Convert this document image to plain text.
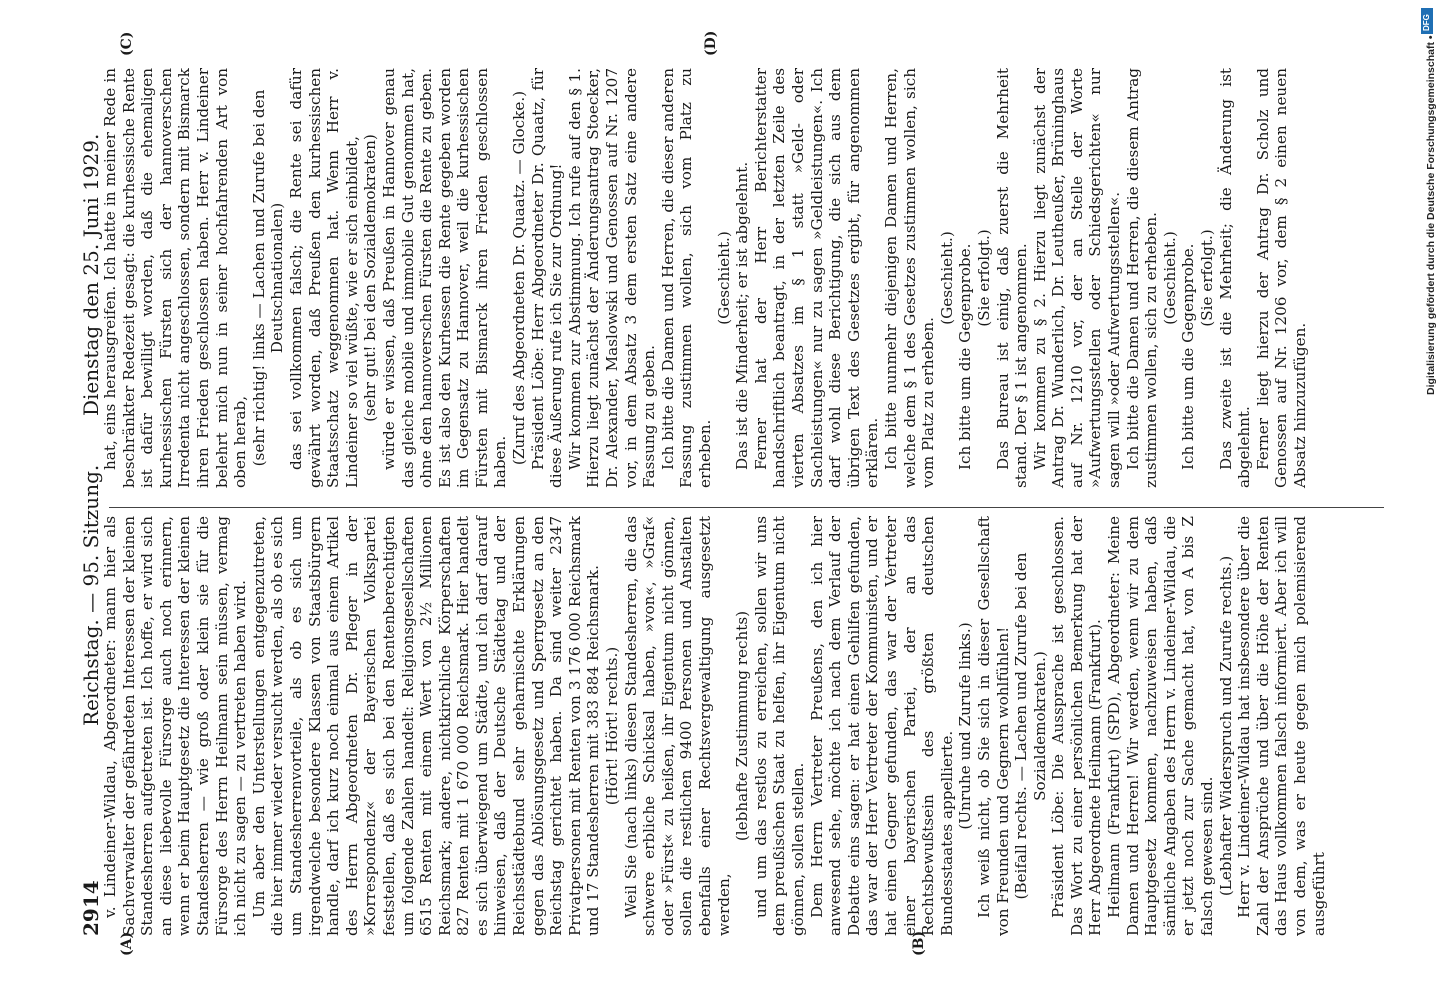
2914
Reichstag. — 95. Sitzung.
Dienstag den 25. Juni 1929.
(A)	(B)
(C)	(D)

v. Lindeiner-Wildau, Abgeordneter: mann hier als Sachverwalter der gefährdeten Interessen der kleinen Standesherren aufgetreten ist. Ich hoffe, er wird sich an diese liebevolle Fürsorge auch noch erinnern, wenn er beim Hauptgesetz die Interessen der kleinen Standesherren — wie groß oder klein sie für die Fürsorge des Herrn Heilmann sein müssen, vermag ich nicht zu sagen — zu vertreten haben wird. Um aber den Unterstellungen entgegenzutreten, die hier immer wieder versucht werden, als ob es sich um Standesherrenvorteile, als ob es sich um irgendwelche besondere Klassen von Staatsbürgern handle, darf ich kurz noch einmal aus einem Artikel des Herrn Abgeordneten Dr. Pfleger in der »Korrespondenz« der Bayerischen Volkspartei feststellen, daß es sich bei den Rentenberechtigten um folgende Zahlen handelt: Religionsgesellschaften 6515 Renten mit einem Wert von 2½ Millionen Reichsmark; andere, nichtkirchliche Körperschaften 827 Renten mit 1 670 000 Reichsmark. Hier handelt es sich überwiegend um Städte, und ich darf darauf hinweisen, daß der Deutsche Städtetag und der Reichsstädtebund sehr geharnischte Erklärungen gegen das Ablösungsgesetz und Sperrgesetz an den Reichstag gerichtet haben. Da sind weiter 2347 Privatpersonen mit Renten von 3 176 000 Reichsmark und 17 Standesherren mit 383 884 Reichsmark. (Hört! Hört! rechts.) Weil Sie (nach links) diesen Standesherren, die das schwere erbliche Schicksal haben, »von«, »Graf« oder »Fürst« zu heißen, ihr Eigentum nicht gönnen, sollen die restlichen 9400 Personen und Anstalten ebenfalls einer Rechtsvergewaltigung ausgesetzt werden,

(lebhafte Zustimmung rechts) und um das restlos zu erreichen, sollen wir uns dem preußischen Staat zu helfen, ihr Eigentum nicht gönnen, sollen stellen. Dem Herrn Vertreter Preußens, den ich hier anwesend sehe, möchte ich nach dem Verlauf der Debatte eins sagen: er hat einen Gehilfen gefunden, das war der Herr Vertreter der Kommunisten, und er hat einen Gegner gefunden, das war der Vertreter einer bayerischen Partei, der an das Rechtsbewußtsein des größten deutschen Bundesstaates appellierte.

(Unruhe und Zurufe links.) Ich weiß nicht, ob Sie sich in dieser Gesellschaft von Freunden und Gegnern wohlfühlen! (Beifall rechts. — Lachen und Zurufe bei den Sozialdemokraten.) Präsident Löbe: Die Aussprache ist geschlossen. Das Wort zu einer persönlichen Bemerkung hat der Herr Abgeordnete Heilmann (Frankfurt). Heilmann (Frankfurt) (SPD), Abgeordneter: Meine Damen und Herren! Wir werden, wenn wir zu dem Hauptgesetz kommen, nachzuweisen haben, daß sämtliche Angaben des Herrn v. Lindeiner-Wildau, die er jetzt noch zur Sache gemacht hat, von A bis Z falsch gewesen sind. (Lebhafter Widerspruch und Zurufe rechts.) Herr v. Lindeiner-Wildau hat insbesondere über die Zahl der Ansprüche und über die Höhe der Renten das Haus vollkommen falsch informiert. Aber ich will von dem, was er heute gegen mich polemisierend ausgeführt

hat, eins herausgreifen. Ich hatte in meiner Rede in beschränkter Redezeit gesagt: die kurhessische Rente ist dafür bewilligt worden, daß die ehemaligen kurhessischen Fürsten sich der hannoverschen Irredenta nicht angeschlossen, sondern mit Bismarck ihren Frieden geschlossen haben. Herr v. Lindeiner belehrt mich nun in seiner hochfahrenden Art von oben herab, (sehr richtig! links — Lachen und Zurufe bei den Deutschnationalen) das sei vollkommen falsch; die Rente sei dafür gewährt worden, daß Preußen den kurhessischen Staatsschatz weggenommen hat. Wenn Herr v. Lindeiner so viel wüßte, wie er sich einbildet, (sehr gut! bei den Sozialdemokraten) würde er wissen, daß Preußen in Hannover genau das gleiche mobile und immobile Gut genommen hat, ohne den hannoverschen Fürsten die Rente zu geben. Es ist also den Kurhessen die Rente gegeben worden im Gegensatz zu Hannover, weil die kurhessischen Fürsten mit Bismarck ihren Frieden geschlossen haben. (Zuruf des Abgeordneten Dr. Quaatz. — Glocke.) Präsident Löbe: Herr Abgeordneter Dr. Quaatz, für diese Äußerung rufe ich Sie zur Ordnung! Wir kommen zur Abstimmung. Ich rufe auf den § 1. Hierzu liegt zunächst der Änderungsantrag Stoecker, Dr. Alexander, Maslowski und Genossen auf Nr. 1207 vor, in dem Absatz 3 dem ersten Satz eine andere Fassung zu geben. Ich bitte die Damen und Herren, die dieser anderen Fassung zustimmen wollen, sich vom Platz zu erheben.

(Geschieht.) Das ist die Minderheit; er ist abgelehnt. Ferner hat der Herr Berichterstatter handschriftlich beantragt, in der letzten Zeile des vierten Absatzes im § 1 statt »Geld- oder Sachleistungen« nur zu sagen »Geldleistungen«. Ich darf wohl diese Berichtigung, die sich aus dem übrigen Text des Gesetzes ergibt, für angenommen erklären. Ich bitte nunmehr diejenigen Damen und Herren, welche dem § 1 des Gesetzes zustimmen wollen, sich vom Platz zu erheben.

(Geschieht.) Ich bitte um die Gegenprobe. (Sie erfolgt.) Das Bureau ist einig, daß zuerst die Mehrheit stand. Der § 1 ist angenommen. Wir kommen zu § 2. Hierzu liegt zunächst der Antrag Dr. Wunderlich, Dr. Leutheußer, Brüninghaus auf Nr. 1210 vor, der an Stelle der Worte »Aufwertungsstellen oder Schiedsgerichten« nur sagen will »oder Aufwertungsstellen«. Ich bitte die Damen und Herren, die diesem Antrag zustimmen wollen, sich zu erheben. (Geschieht.) Ich bitte um die Gegenprobe. (Sie erfolgt.) Das zweite ist die Mehrheit; die Änderung ist abgelehnt. Ferner liegt hierzu der Antrag Dr. Scholz und Genossen auf Nr. 1206 vor, dem § 2 einen neuen Absatz hinzuzufügen.

DFG
Digitalisierung gefördert durch die Deutsche Forschungsgemeinschaft •
